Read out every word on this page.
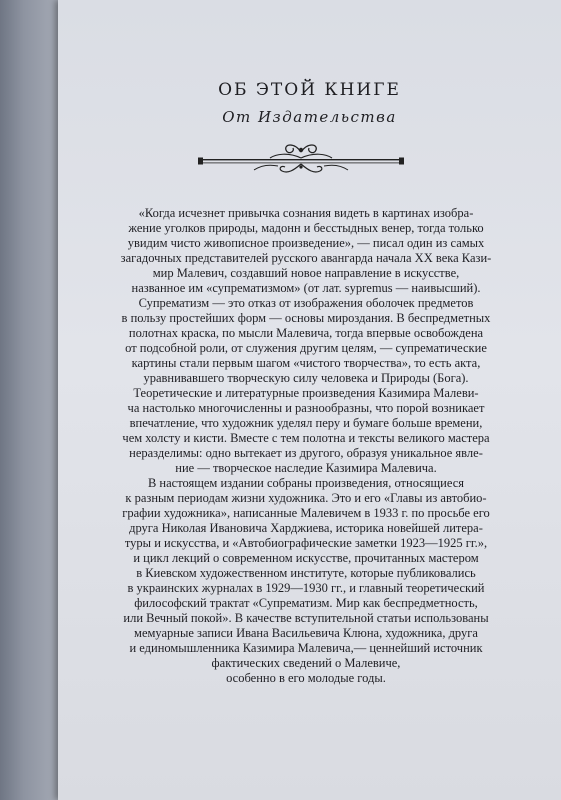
ОБ ЭТОЙ КНИГЕ
От Издательства
«Когда исчезнет привычка сознания видеть в картинах изобра-
жение уголков природы, мадонн и бесстыдных венер, тогда только
увидим чисто живописное произведение», — писал один из самых
загадочных представителей русского авангарда начала XX века Кази-
мир Малевич, создавший новое направление в искусстве,
названное им «супрематизмом» (от лат. sypremus — наивысший).
Супрематизм — это отказ от изображения оболочек предметов
в пользу простейших форм — основы мироздания. В беспредметных
полотнах краска, по мысли Малевича, тогда впервые освобождена
от подсобной роли, от служения другим целям, — супрематические
картины стали первым шагом «чистого творчества», то есть акта,
уравнивавшего творческую силу человека и Природы (Бога).
Теоретические и литературные произведения Казимира Малеви-
ча настолько многочисленны и разнообразны, что порой возникает
впечатление, что художник уделял перу и бумаге больше времени,
чем холсту и кисти. Вместе с тем полотна и тексты великого мастера
неразделимы: одно вытекает из другого, образуя уникальное явле-
ние — творческое наследие Казимира Малевича.
В настоящем издании собраны произведения, относящиеся
к разным периодам жизни художника. Это и его «Главы из автобио-
графии художника», написанные Малевичем в 1933 г. по просьбе его
друга Николая Ивановича Харджиева, историка новейшей литера-
туры и искусства, и «Автобиографические заметки 1923—1925 гг.»,
и цикл лекций о современном искусстве, прочитанных мастером
в Киевском художественном институте, которые публиковались
в украинских журналах в 1929—1930 гг., и главный теоретический
философский трактат «Супрематизм. Мир как беспредметность,
или Вечный покой». В качестве вступительной статьи использованы
мемуарные записи Ивана Васильевича Клюна, художника, друга
и единомышленника Казимира Малевича,— ценнейший источник
фактических сведений о Малевиче,
особенно в его молодые годы.
